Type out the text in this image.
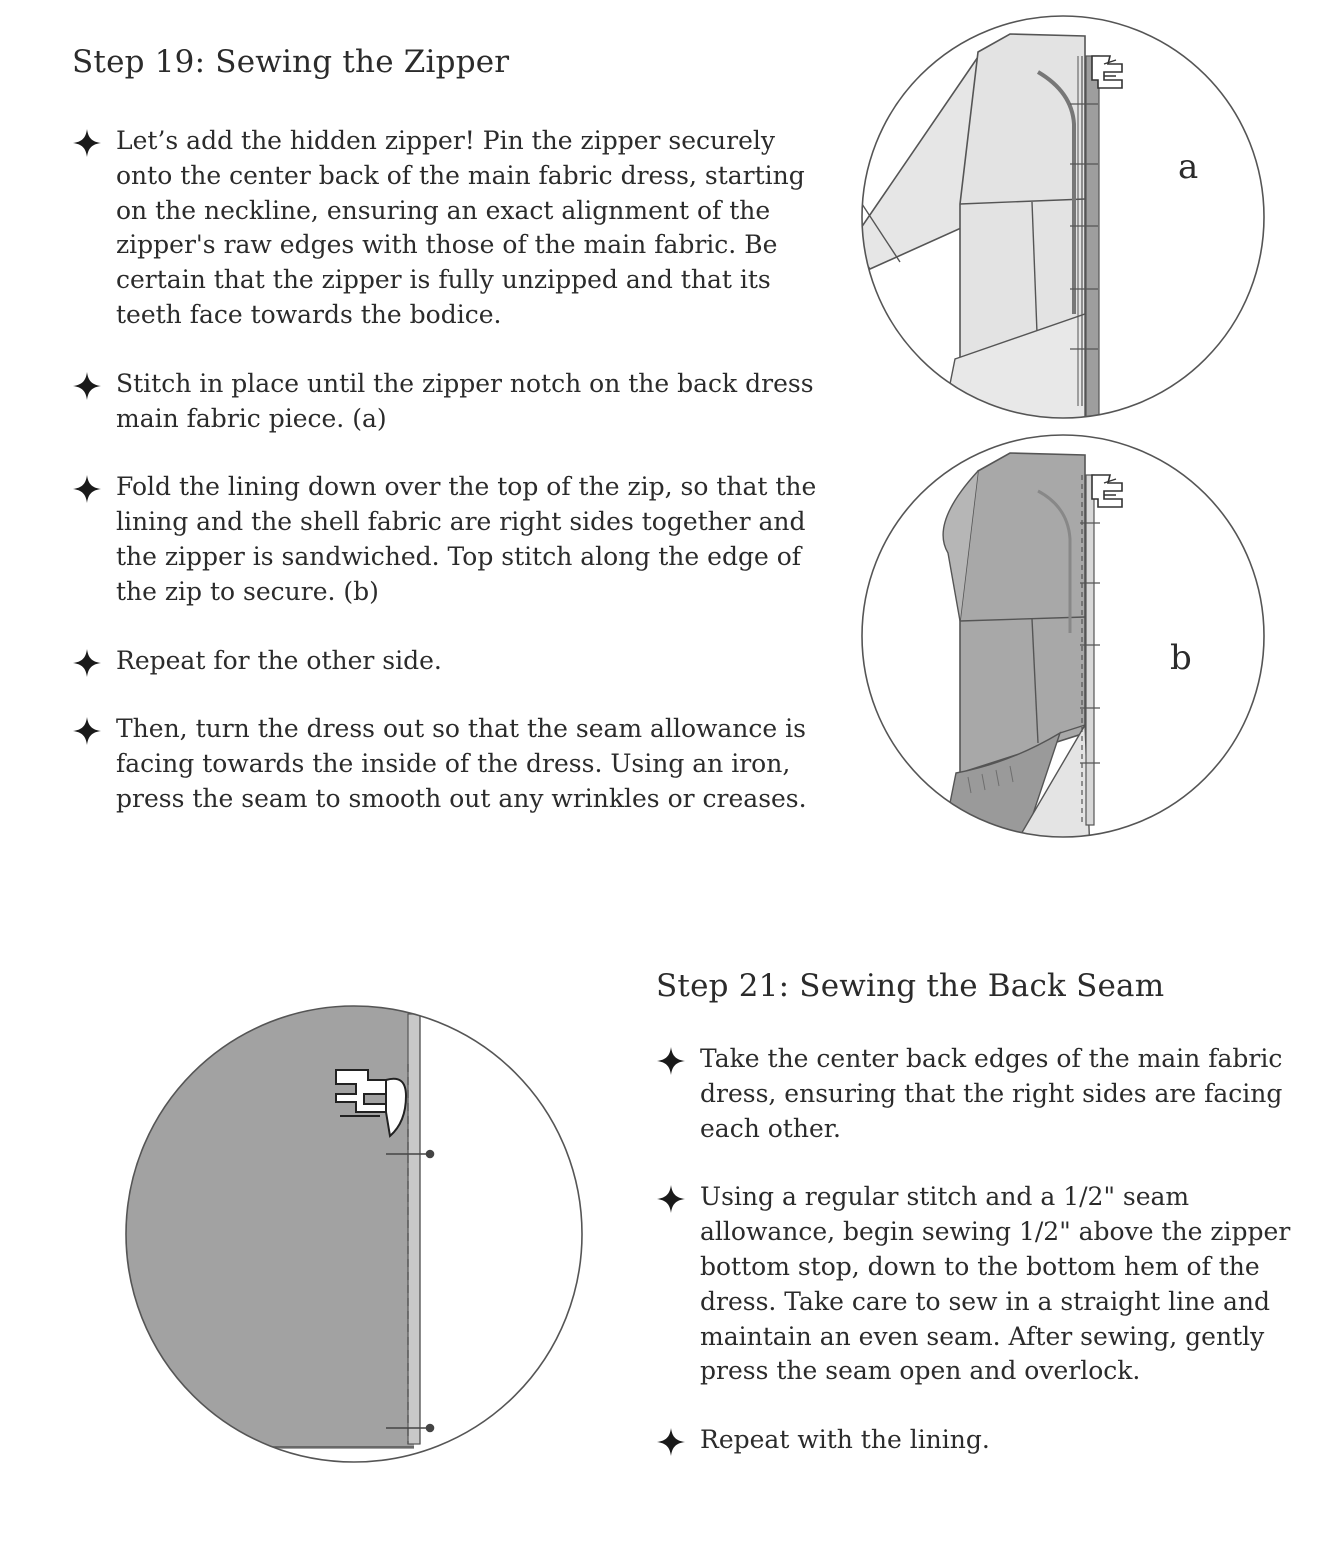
Step 19: Sewing the Zipper
Let’s add the hidden zipper! Pin the zipper securely onto the center back of the main fabric dress, starting on the neckline, ensuring an exact alignment of the zipper's raw edges with those of the main fabric. Be certain that the zipper is fully unzipped and that its teeth face towards the bodice.
Stitch in place until the zipper notch on the back dress main fabric piece. (a)
Fold the lining down over the top of the zip, so that the lining and the shell fabric are right sides together and the zipper is sandwiched. Top stitch along the edge of the zip to secure. (b)
Repeat for the other side.
Then, turn the dress out so that the seam allowance is facing towards the inside of the dress. Using an iron, press the seam to smooth out any wrinkles or creases.
a
b
Step 21: Sewing the Back Seam
Take the center back edges of the main fabric dress, ensuring that the right sides are facing each other.
Using a regular stitch and a 1/2" seam allowance, begin sewing 1/2" above the zipper bottom stop, down to the bottom hem of the dress. Take care to sew in a straight line and maintain an even seam. After sewing, gently press the seam open and overlock.
Repeat with the lining.
